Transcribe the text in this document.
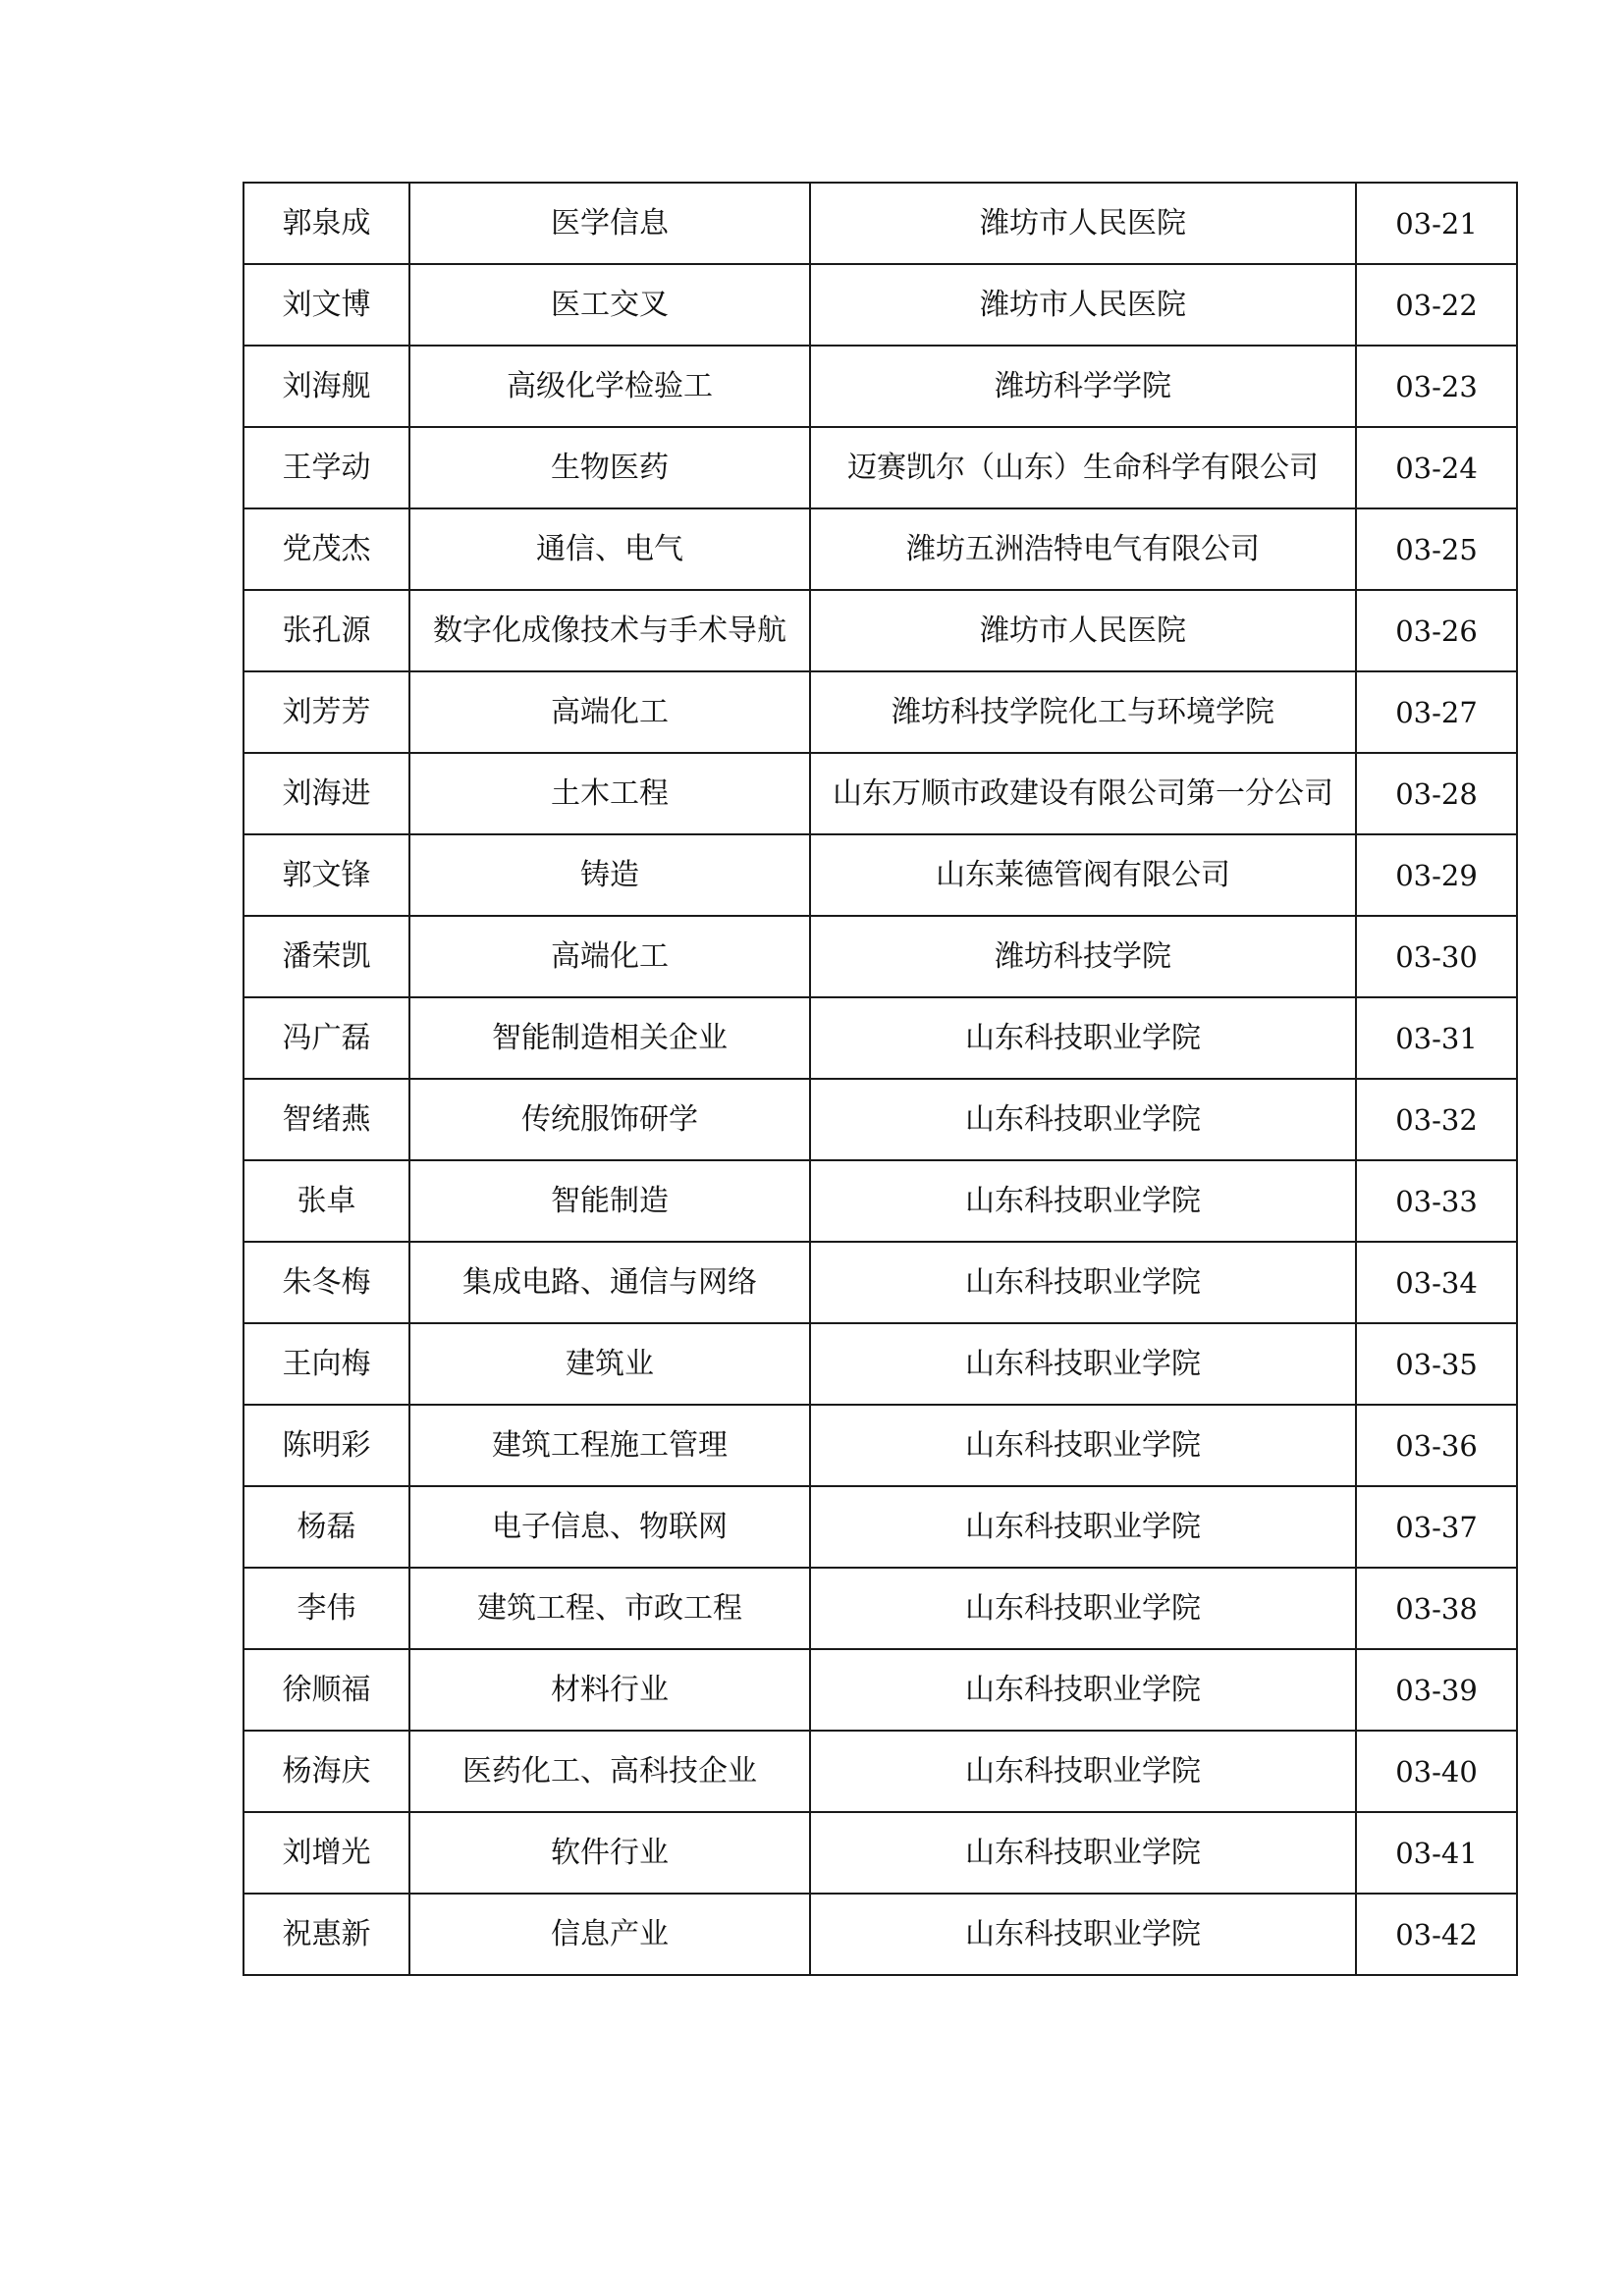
郭泉成	医学信息	潍坊市人民医院	03-21
刘文博	医工交叉	潍坊市人民医院	03-22
刘海舰	高级化学检验工	潍坊科学学院	03-23
王学动	生物医药	迈赛凯尔（山东）生命科学有限公司	03-24
党茂杰	通信、电气	潍坊五洲浩特电气有限公司	03-25
张孔源	数字化成像技术与手术导航	潍坊市人民医院	03-26
刘芳芳	高端化工	潍坊科技学院化工与环境学院	03-27
刘海进	土木工程	山东万顺市政建设有限公司第一分公司	03-28
郭文锋	铸造	山东莱德管阀有限公司	03-29
潘荣凯	高端化工	潍坊科技学院	03-30
冯广磊	智能制造相关企业	山东科技职业学院	03-31
智绪燕	传统服饰研学	山东科技职业学院	03-32
张卓	智能制造	山东科技职业学院	03-33
朱冬梅	集成电路、通信与网络	山东科技职业学院	03-34
王向梅	建筑业	山东科技职业学院	03-35
陈明彩	建筑工程施工管理	山东科技职业学院	03-36
杨磊	电子信息、物联网	山东科技职业学院	03-37
李伟	建筑工程、市政工程	山东科技职业学院	03-38
徐顺福	材料行业	山东科技职业学院	03-39
杨海庆	医药化工、高科技企业	山东科技职业学院	03-40
刘增光	软件行业	山东科技职业学院	03-41
祝惠新	信息产业	山东科技职业学院	03-42
